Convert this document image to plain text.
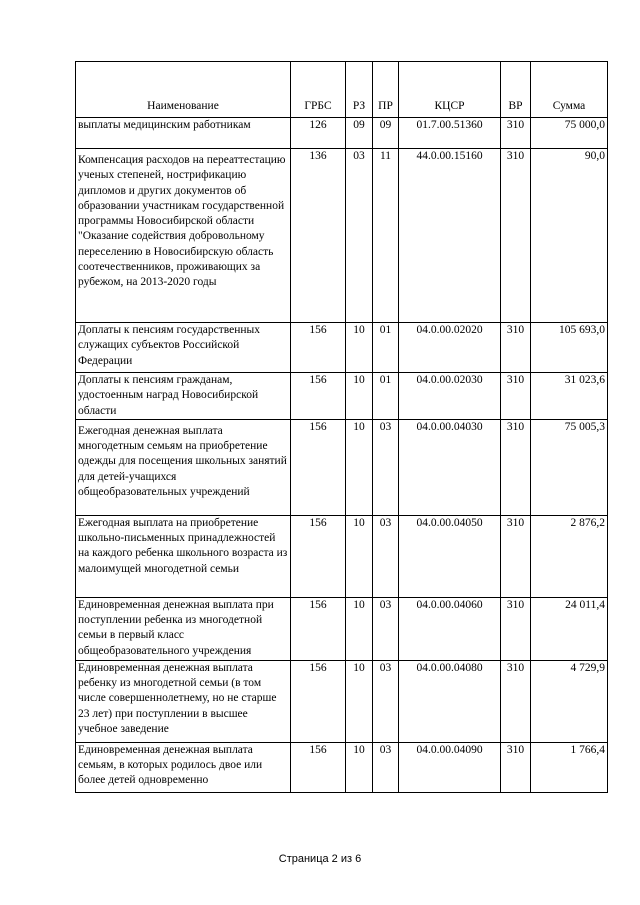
Наименование	ГРБС	РЗ	ПР	КЦСР	ВР	Сумма
выплаты медицинским работникам	126	09	09	01.7.00.51360	310	75 000,0
Компенсация расходов на переаттестацию ученых степеней, нострификацию дипломов и других документов об образовании участникам государственной программы Новосибирской области "Оказание содействия добровольному переселению в Новосибирскую область соотечественников, проживающих за рубежом, на 2013-2020 годы	136	03	11	44.0.00.15160	310	90,0
Доплаты к пенсиям государственных служащих субъектов Российской Федерации	156	10	01	04.0.00.02020	310	105 693,0
Доплаты к пенсиям гражданам, удостоенным наград Новосибирской области	156	10	01	04.0.00.02030	310	31 023,6
Ежегодная денежная выплата многодетным семьям на приобретение одежды для посещения школьных занятий для детей-учащихся общеобразовательных учреждений	156	10	03	04.0.00.04030	310	75 005,3
Ежегодная выплата на приобретение школьно-письменных принадлежностей на каждого ребенка школьного возраста из малоимущей многодетной семьи	156	10	03	04.0.00.04050	310	2 876,2
Единовременная денежная выплата при поступлении ребенка из многодетной семьи в первый класс общеобразовательного учреждения	156	10	03	04.0.00.04060	310	24 011,4
Единовременная денежная выплата ребенку из многодетной семьи (в том числе совершеннолетнему, но не старше 23 лет) при поступлении в высшее учебное заведение	156	10	03	04.0.00.04080	310	4 729,9
Единовременная денежная выплата семьям, в которых родилось двое или более детей одновременно	156	10	03	04.0.00.04090	310	1 766,4
Страница 2 из 6
